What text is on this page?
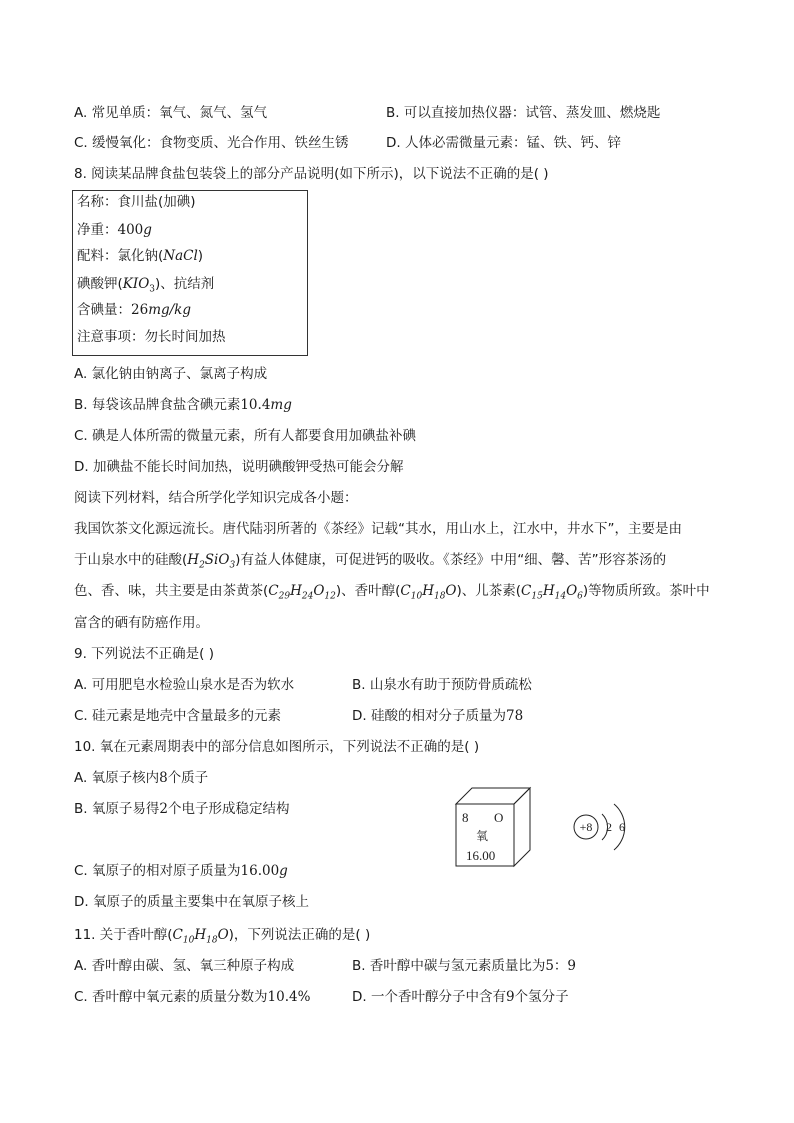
A. 常见单质：氧气、氮气、氢气	B. 可以直接加热仪器：试管、蒸发皿、燃烧匙
C. 缓慢氧化：食物变质、光合作用、铁丝生锈	D. 人体必需微量元素：锰、铁、钙、锌
8. 阅读某品牌食盐包装袋上的部分产品说明(如下所示)，以下说法不正确的是( )
名称：食川盐(加碘)
净重：400g
配料：氯化钠(NaCl)
碘酸钾$(KIO_3)$、抗结剂
含碘量：26mg/kg
注意事项：勿长时间加热
A. 氯化钠由钠离子、氯离子构成
B. 每袋该品牌食盐含碘元素10.4mg
C. 碘是人体所需的微量元素，所有人都要食用加碘盐补碘
D. 加碘盐不能长时间加热，说明碘酸钾受热可能会分解
阅读下列材料，结合所学化学知识完成各小题：
我国饮茶文化源远流长。唐代陆羽所著的《茶经》记载“其水，用山水上，江水中，井水下”，主要是由
于山泉水中的硅酸$(H_2SiO_3)$有益人体健康，可促进钙的吸收。《茶经》中用“细、馨、苦”形容茶汤的
色、香、味，共主要是由茶黄茶$(C_{29}H_{24}O_{12})$、香叶醇$(C_{10}H_{18}O)$、儿茶素$(C_{15}H_{14}O_6)$等物质所致。茶叶中
富含的硒有防癌作用。
9. 下列说法不正确是( )
A. 可用肥皂水检验山泉水是否为软水	B. 山泉水有助于预防骨质疏松
C. 硅元素是地壳中含量最多的元素	D. 硅酸的相对分子质量为78
10. 氧在元素周期表中的部分信息如图所示，下列说法不正确的是( )
A. 氧原子核内8个质子
B. 氧原子易得2个电子形成稳定结构
C. 氧原子的相对原子质量为16.00g
D. 氧原子的质量主要集中在氧原子核上
8 O
氧
16.00
+8 2 6
11. 关于香叶醇$(C_{10}H_{18}O)$，下列说法正确的是( )
A. 香叶醇由碳、氢、氧三种原子构成	B. 香叶醇中碳与氢元素质量比为5：9
C. 香叶醇中氧元素的质量分数为10.4%	D. 一个香叶醇分子中含有9个氢分子
